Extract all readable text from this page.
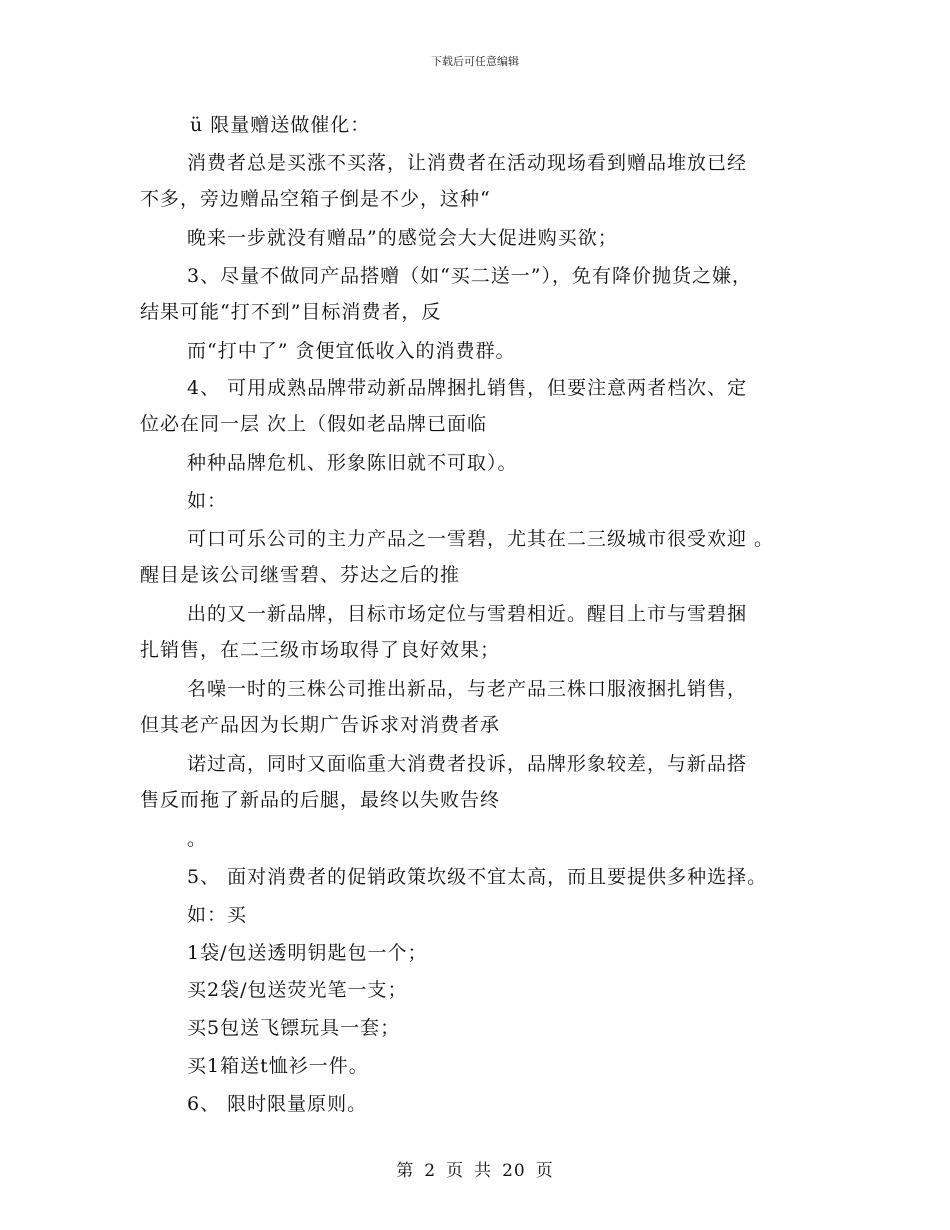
下载后可任意编辑
ü 限量赠送做催化：
消费者总是买涨不买落，让消费者在活动现场看到赠品堆放已经
不多，旁边赠品空箱子倒是不少，这种“
晚来一步就没有赠品”的感觉会大大促进购买欲；
3、尽量不做同产品搭赠（如“买二送一”），免有降价抛货之嫌，
结果可能“打不到”目标消费者，反
而“打中了” 贪便宜低收入的消费群。
4、 可用成熟品牌带动新品牌捆扎销售，但要注意两者档次、定
位必在同一层 次上（假如老品牌已面临
种种品牌危机、形象陈旧就不可取）。
如：
可口可乐公司的主力产品之一雪碧，尤其在二三级城市很受欢迎 。
醒目是该公司继雪碧、芬达之后的推
出的又一新品牌，目标市场定位与雪碧相近。醒目上市与雪碧捆
扎销售，在二三级市场取得了良好效果；
名噪一时的三株公司推出新品，与老产品三株口服液捆扎销售，
但其老产品因为长期广告诉求对消费者承
诺过高，同时又面临重大消费者投诉，品牌形象较差，与新品搭
售反而拖了新品的后腿，最终以失败告终
。
5、 面对消费者的促销政策坎级不宜太高，而且要提供多种选择。
如：买
1袋/包送透明钥匙包一个；
买2袋/包送荧光笔一支；
买5包送飞镖玩具一套；
买1箱送t恤衫一件。
6、 限时限量原则。
第 2 页 共 20 页
